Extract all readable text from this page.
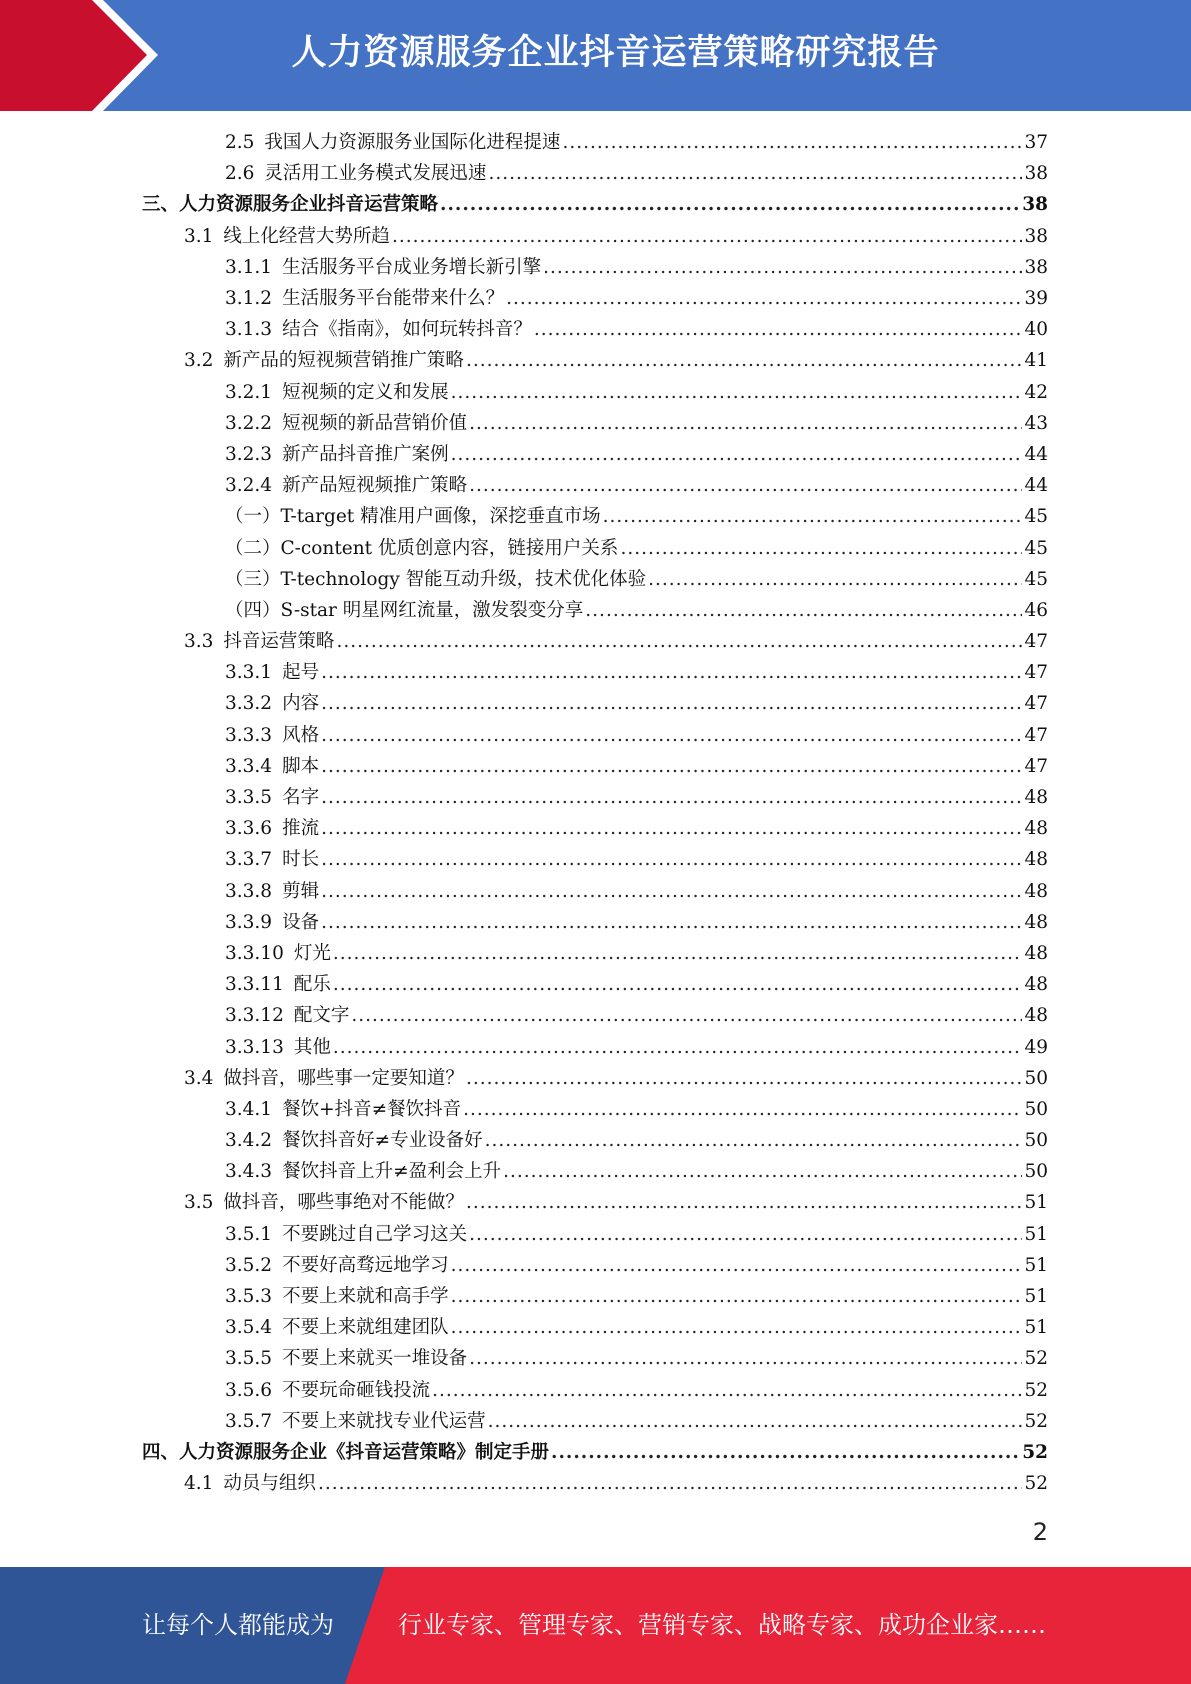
人力资源服务企业抖音运营策略研究报告
2.5 我国人力资源服务业国际化进程提速 .....	37
2.6 灵活用工业务模式发展迅速 .....	38
三、人力资源服务企业抖音运营策略 .....	38
3.1 线上化经营大势所趋 .....	38
3.1.1 生活服务平台成业务增长新引擎 .....	38
3.1.2 生活服务平台能带来什么？ .....	39
3.1.3 结合《指南》，如何玩转抖音？ .....	40
3.2 新产品的短视频营销推广策略 .....	41
3.2.1 短视频的定义和发展 .....	42
3.2.2 短视频的新品营销价值 .....	43
3.2.3 新产品抖音推广案例 .....	44
3.2.4 新产品短视频推广策略 .....	44
（一）T-target 精准用户画像，深挖垂直市场 .....	45
（二）C-content 优质创意内容，链接用户关系 .....	45
（三）T-technology 智能互动升级，技术优化体验 .....	45
（四）S-star 明星网红流量，激发裂变分享 .....	46
3.3 抖音运营策略 .....	47
3.3.1 起号 .....	47
3.3.2 内容 .....	47
3.3.3 风格 .....	47
3.3.4 脚本 .....	47
3.3.5 名字 .....	48
3.3.6 推流 .....	48
3.3.7 时长 .....	48
3.3.8 剪辑 .....	48
3.3.9 设备 .....	48
3.3.10 灯光 .....	48
3.3.11 配乐 .....	48
3.3.12 配文字 .....	48
3.3.13 其他 .....	49
3.4 做抖音，哪些事一定要知道？ .....	50
3.4.1 餐饮+抖音≠餐饮抖音 .....	50
3.4.2 餐饮抖音好≠专业设备好 .....	50
3.4.3 餐饮抖音上升≠盈利会上升 .....	50
3.5 做抖音，哪些事绝对不能做？ .....	51
3.5.1 不要跳过自己学习这关 .....	51
3.5.2 不要好高骛远地学习 .....	51
3.5.3 不要上来就和高手学 .....	51
3.5.4 不要上来就组建团队 .....	51
3.5.5 不要上来就买一堆设备 .....	52
3.5.6 不要玩命砸钱投流 .....	52
3.5.7 不要上来就找专业代运营 .....	52
四、人力资源服务企业《抖音运营策略》制定手册 .....	52
4.1 动员与组织 .....	52
2
让每个人都能成为	行业专家、管理专家、营销专家、战略专家、成功企业家……
